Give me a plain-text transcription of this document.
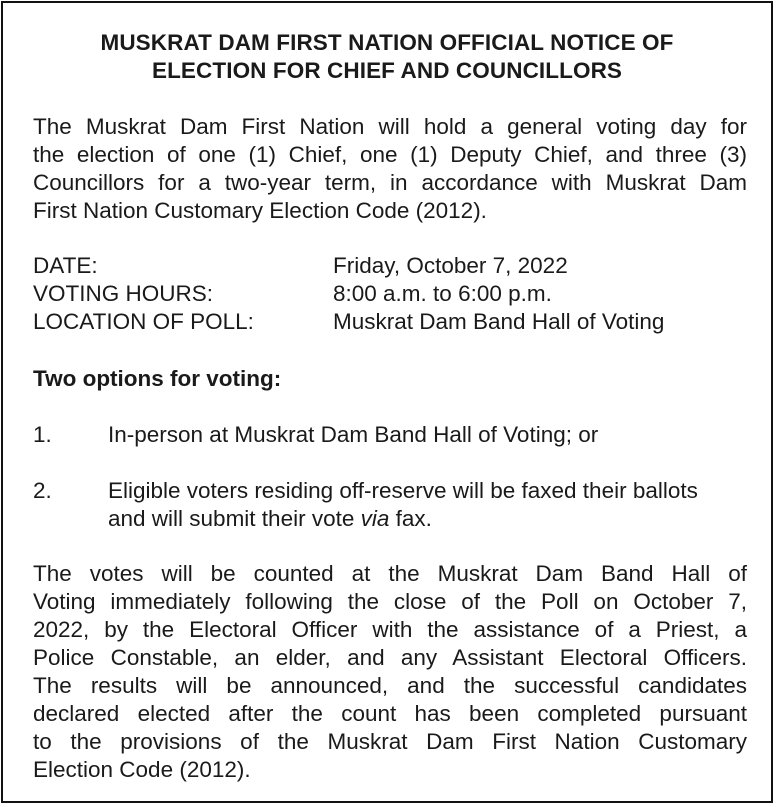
MUSKRAT DAM FIRST NATION OFFICIAL NOTICE OF
ELECTION FOR CHIEF AND COUNCILLORS
The Muskrat Dam First Nation will hold a general voting day for
the election of one (1) Chief, one (1) Deputy Chief, and three (3)
Councillors for a two-year term, in accordance with Muskrat Dam
First Nation Customary Election Code (2012).
DATE:	Friday, October 7, 2022
VOTING HOURS:	8:00 a.m. to 6:00 p.m.
LOCATION OF POLL:	Muskrat Dam Band Hall of Voting
Two options for voting:
1.	In-person at Muskrat Dam Band Hall of Voting; or
2.	Eligible voters residing off-reserve will be faxed their ballots
and will submit their vote via fax.
The votes will be counted at the Muskrat Dam Band Hall of
Voting immediately following the close of the Poll on October 7,
2022, by the Electoral Officer with the assistance of a Priest, a
Police Constable, an elder, and any Assistant Electoral Officers.
The results will be announced, and the successful candidates
declared elected after the count has been completed pursuant
to the provisions of the Muskrat Dam First Nation Customary
Election Code (2012).
